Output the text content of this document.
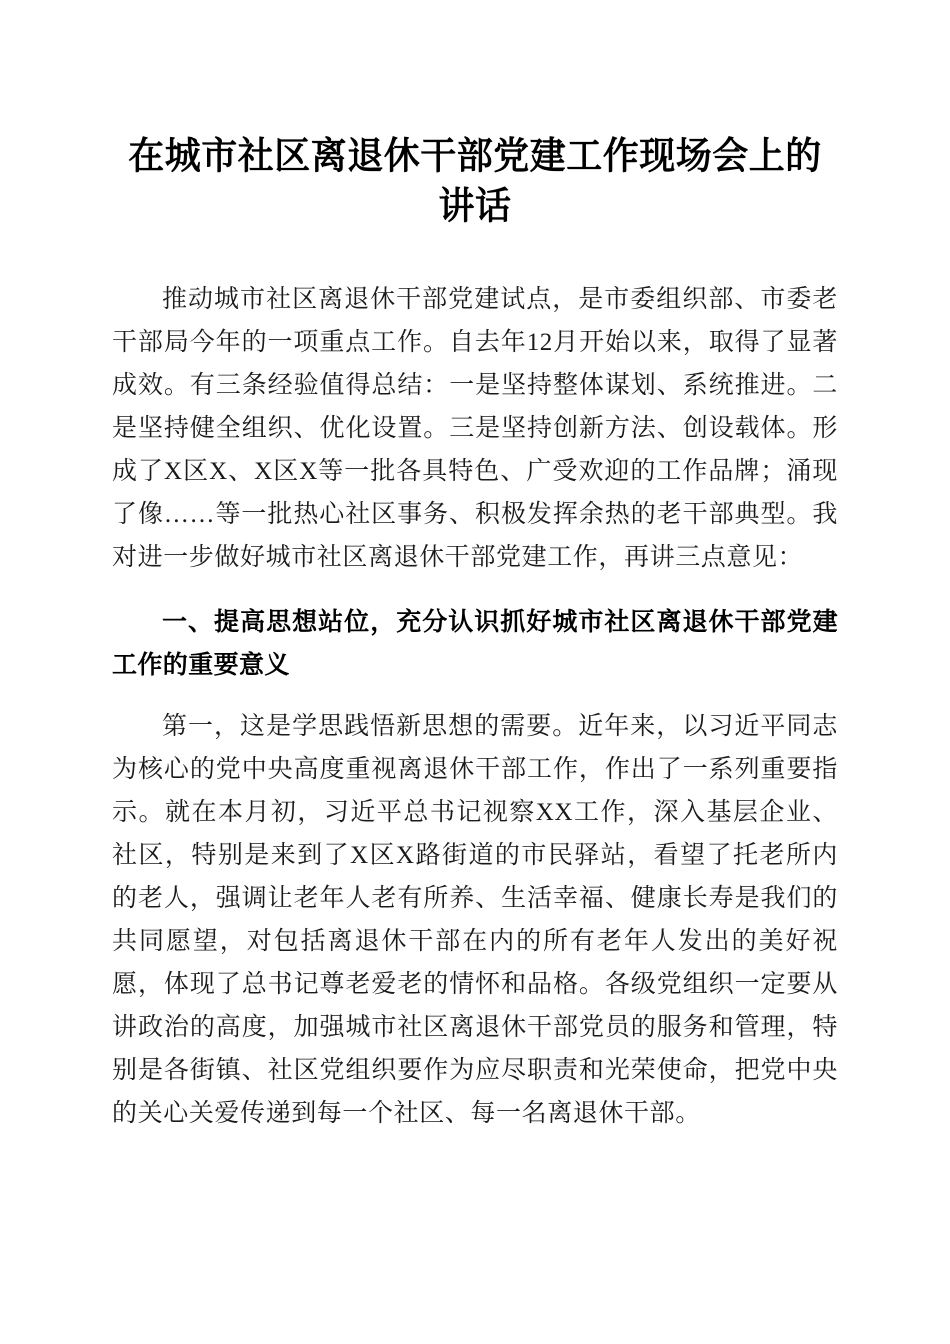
在城市社区离退休干部党建工作现场会上的讲话

推动城市社区离退休干部党建试点，是市委组织部、市委老干部局今年的一项重点工作。自去年12月开始以来，取得了显著成效。有三条经验值得总结：一是坚持整体谋划、系统推进。二是坚持健全组织、优化设置。三是坚持创新方法、创设载体。形成了X区X、X区X等一批各具特色、广受欢迎的工作品牌；涌现了像……等一批热心社区事务、积极发挥余热的老干部典型。我对进一步做好城市社区离退休干部党建工作，再讲三点意见：

一、提高思想站位，充分认识抓好城市社区离退休干部党建工作的重要意义

第一，这是学思践悟新思想的需要。近年来，以习近平同志为核心的党中央高度重视离退休干部工作，作出了一系列重要指示。就在本月初，习近平总书记视察XX工作，深入基层企业、社区，特别是来到了X区X路街道的市民驿站，看望了托老所内的老人，强调让老年人老有所养、生活幸福、健康长寿是我们的共同愿望，对包括离退休干部在内的所有老年人发出的美好祝愿，体现了总书记尊老爱老的情怀和品格。各级党组织一定要从讲政治的高度，加强城市社区离退休干部党员的服务和管理，特别是各街镇、社区党组织要作为应尽职责和光荣使命，把党中央的关心关爱传递到每一个社区、每一名离退休干部。
